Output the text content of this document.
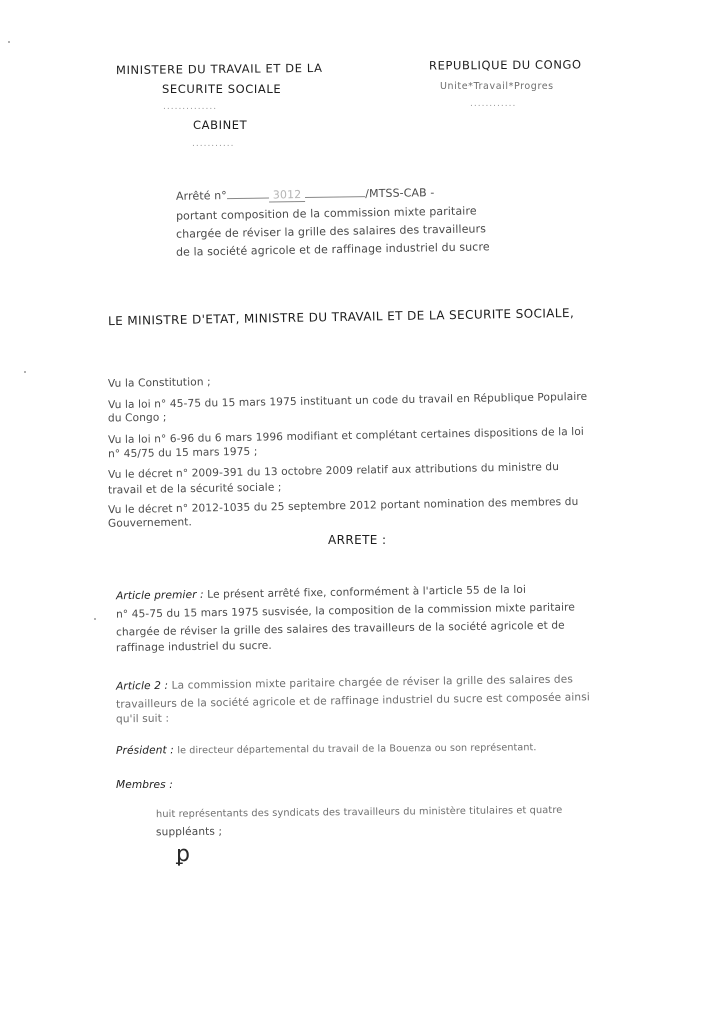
MINISTERE DU TRAVAIL ET DE LA
SECURITE SOCIALE
..............
CABINET
...........
REPUBLIQUE DU CONGO
Unite*Travail*Progres
............
Arrêté n°	3012	/MTSS-CAB -
portant composition de la commission mixte paritaire
chargée de réviser la grille des salaires des travailleurs
de la société agricole et de raffinage industriel du sucre
LE MINISTRE D'ETAT, MINISTRE DU TRAVAIL ET DE LA SECURITE SOCIALE,
Vu la Constitution ;
Vu la loi n° 45-75 du 15 mars 1975 instituant un code du travail en République Populaire
du Congo ;
Vu la loi n° 6-96 du 6 mars 1996 modifiant et complétant certaines dispositions de la loi
n° 45/75 du 15 mars 1975 ;
Vu le décret n° 2009-391 du 13 octobre 2009 relatif aux attributions du ministre du
travail et de la sécurité sociale ;
Vu le décret n° 2012-1035 du 25 septembre 2012 portant nomination des membres du
Gouvernement.
ARRETE :
Article premier : Le présent arrêté fixe, conformément à l'article 55 de la loi
n° 45-75 du 15 mars 1975 susvisée, la composition de la commission mixte paritaire
chargée de réviser la grille des salaires des travailleurs de la société agricole et de
raffinage industriel du sucre.
Article 2 : La commission mixte paritaire chargée de réviser la grille des salaires des
travailleurs de la société agricole et de raffinage industriel du sucre est composée ainsi
qu'il suit :
Président : le directeur départemental du travail de la Bouenza ou son représentant.
Membres :
huit représentants des syndicats des travailleurs du ministère titulaires et quatre
suppléants ;
ꝑ
